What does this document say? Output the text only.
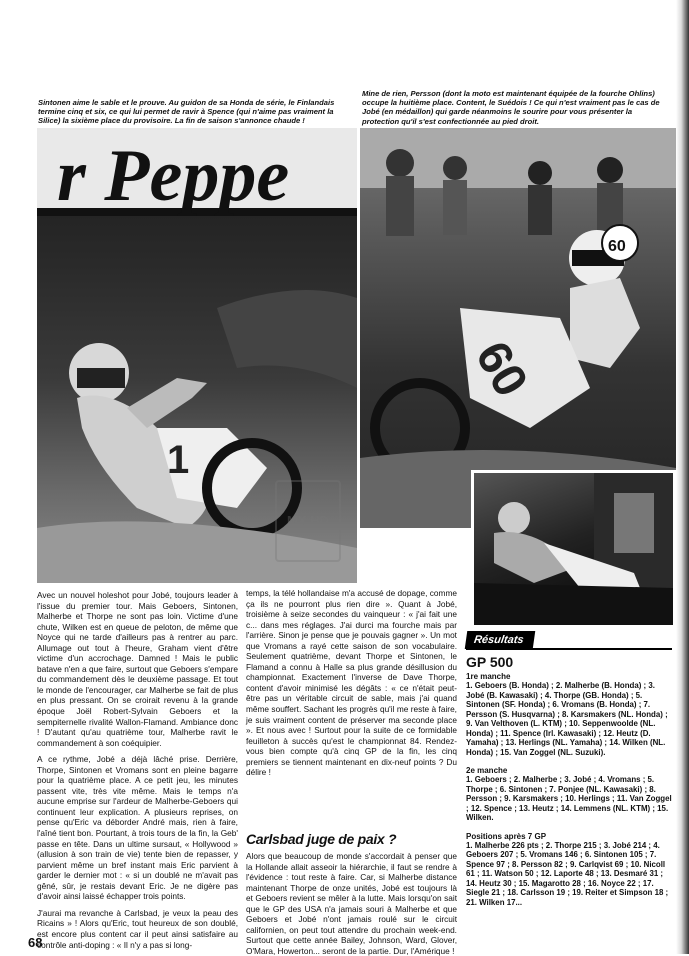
Sintonen aime le sable et le prouve. Au guidon de sa Honda de série, le Finlandais termine cinq et six, ce qui lui permet de ravir à Spence (qui n'aime pas vraiment la Silice) la sixième place du provisoire. La fin de saison s'annonce chaude !
Mine de rien, Persson (dont la moto est maintenant équipée de la fourche Ohlins) occupe la huitième place. Content, le Suédois ! Ce qui n'est vraiment pas le cas de Jobé (en médaillon) qui garde néanmoins le sourire pour vous présenter la protection qu'il s'est confectionnée au pied droit.
r Peppe
1
60
60
MX HD

Avec un nouvel holeshot pour Jobé, toujours leader à l'issue du premier tour. Mais Geboers, Sintonen, Malherbe et Thorpe ne sont pas loin. Victime d'une chute, Wilken est en queue de peloton, de même que Noyce qui ne tarde d'ailleurs pas à rentrer au parc. Allumage out tout à l'heure, Graham vient d'être victime d'un accrochage. Damned ! Mais le public batave n'en a que faire, surtout que Geboers s'empare du commandement dès le deuxième passage. Et tout le monde de l'encourager, car Malherbe se fait de plus en plus pressant. On se croirait revenu à la grande époque Joël Robert-Sylvain Geboers et la sempiternelle rivalité Wallon-Flamand. Ambiance donc ! D'autant qu'au quatrième tour, Malherbe ravit le commandement à son coéquipier.

A ce rythme, Jobé a déjà lâché prise. Derrière, Thorpe, Sintonen et Vromans sont en pleine bagarre pour la quatrième place. A ce petit jeu, les minutes passent vite, très vite même. Mais le temps n'a aucune emprise sur l'ardeur de Malherbe-Geboers qui continuent leur explication. A plusieurs reprises, on pense qu'Eric va déborder André mais, rien à faire, l'aîné tient bon. Pourtant, à trois tours de la fin, la Geb' passe en tête. Dans un ultime sursaut, « Hollywood » (allusion à son train de vie) tente bien de repasser, y parvient même un bref instant mais Eric parvient à garder le dernier mot : « si un doublé ne m'avait pas gêné, sûr, je restais devant Eric. Je ne digère pas d'avoir ainsi laissé échapper trois points.

J'aurai ma revanche à Carlsbad, je veux la peau des Ricains » ! Alors qu'Eric, tout heureux de son doublé, est encore plus content car il peut ainsi satisfaire au contrôle anti-doping : « Il n'y a pas si long-

temps, la télé hollandaise m'a accusé de dopage, comme ça ils ne pourront plus rien dire ». Quant à Jobé, troisième à seize secondes du vainqueur : « j'ai fait une c... dans mes réglages. J'ai durci ma fourche mais par l'arrière. Sinon je pense que je pouvais gagner ». Un mot que Vromans a rayé cette saison de son vocabulaire. Seulement quatrième, devant Thorpe et Sintonen, le Flamand a connu à Halle sa plus grande désillusion du championnat. Exactement l'inverse de Dave Thorpe, content d'avoir minimisé les dégâts : « ce n'était peut-être pas un véritable circuit de sable, mais j'ai quand même souffert. Sachant les progrès qu'il me reste à faire, je suis vraiment content de préserver ma seconde place ». Et nous avec ! Surtout pour la suite de ce formidable feuilleton à succès qu'est le championnat 84. Rendez-vous bien compte qu'à cinq GP de la fin, les cinq premiers se tiennent maintenant en dix-neuf points ? Du délire !

Carlsbad juge de paix ?

Alors que beaucoup de monde s'accordait à penser que la Hollande allait asseoir la hiérarchie, il faut se rendre à l'évidence : tout reste à faire. Car, si Malherbe distance maintenant Thorpe de onze unités, Jobé est toujours là et Geboers revient se mêler à la lutte. Mais lorsqu'on sait que le GP des USA n'a jamais souri à Malherbe et que Geboers et Jobé n'ont jamais roulé sur le circuit californien, on peut tout attendre du prochain week-end. Surtout que cette année Bailey, Johnson, Ward, Glover, O'Mara, Howerton... seront de la partie. Dur, l'Amérique !

Résultats
GP 500
1re manche
1. Geboers (B. Honda) ; 2. Malherbe (B. Honda) ; 3. Jobé (B. Kawasaki) ; 4. Thorpe (GB. Honda) ; 5. Sintonen (SF. Honda) ; 6. Vromans (B. Honda) ; 7. Persson (S. Husqvarna) ; 8. Karsmakers (NL. Honda) ; 9. Van Velthoven (L. KTM) ; 10. Seppenwoolde (NL. Honda) ; 11. Spence (Irl. Kawasaki) ; 12. Heutz (D. Yamaha) ; 13. Herlings (NL. Yamaha) ; 14. Wilken (NL. Honda) ; 15. Van Zoggel (NL. Suzuki).
2e manche
1. Geboers ; 2. Malherbe ; 3. Jobé ; 4. Vromans ; 5. Thorpe ; 6. Sintonen ; 7. Ponjee (NL. Kawasaki) ; 8. Persson ; 9. Karsmakers ; 10. Herlings ; 11. Van Zoggel ; 12. Spence ; 13. Heutz ; 14. Lemmens (NL. KTM) ; 15. Wilken.
Positions après 7 GP
1. Malherbe 226 pts ; 2. Thorpe 215 ; 3. Jobé 214 ; 4. Geboers 207 ; 5. Vromans 146 ; 6. Sintonen 105 ; 7. Spence 97 ; 8. Persson 82 ; 9. Carlqvist 69 ; 10. Nicoll 61 ; 11. Watson 50 ; 12. Laporte 48 ; 13. Desmaré 31 ; 14. Heutz 30 ; 15. Magarotto 28 ; 16. Noyce 22 ; 17. Siegle 21 ; 18. Carlsson 19 ; 19. Reiter et Simpson 18 ; 21. Wilken 17...
68
